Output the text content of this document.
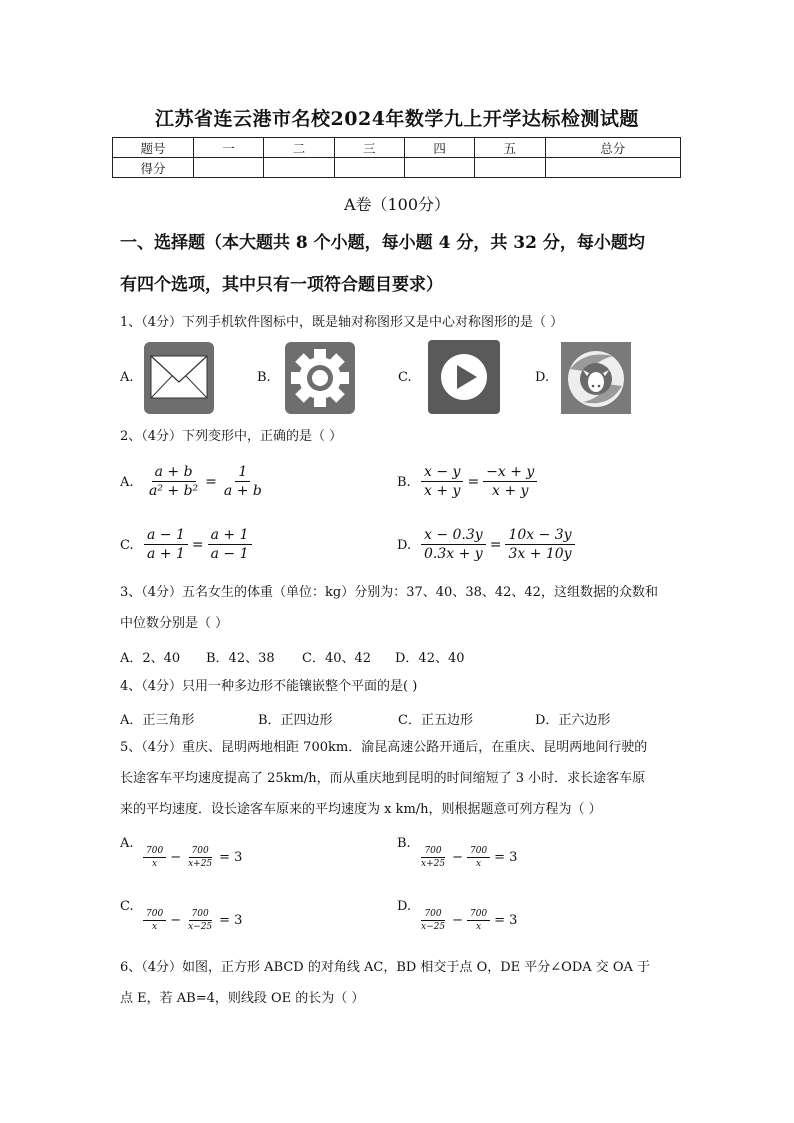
江苏省连云港市名校2024年数学九上开学达标检测试题
题号	一	二	三	四	五	总分
得分						
A卷（100分）
一、选择题（本大题共 8 个小题，每小题 4 分，共 32 分，每小题均
有四个选项，其中只有一项符合题目要求）
1、（4分）下列手机软件图标中，既是轴对称图形又是中心对称图形的是（ ）
A.	B.	C.	D.
2、（4分）下列变形中，正确的是（ ）
A. $\frac{a + b}{\text{a² + b²}} = \frac{1}{a + b}$	B. $\frac{x - y}{x + y} = \frac{-x + y}{x + y}$
C. $\frac{a - 1}{a + 1} = \frac{a + 1}{a - 1}$	D. $\frac{x - 0.3y}{0.3x + y} = \frac{10x - 3y}{3x + 10y}$
3、（4分）五名女生的体重（单位：kg）分别为：37、40、38、42、42，这组数据的众数和
中位数分别是（ ）
A．2、40 B．42、38 C．40、42 D．42、40
4、（4分）只用一种多边形不能镶嵌整个平面的是( )
A．正三角形	B．正四边形	C．正五边形	D．正六边形
5、（4分）重庆、昆明两地相距 700km．渝昆高速公路开通后，在重庆、昆明两地间行驶的
长途客车平均速度提高了 25km/h，而从重庆地到昆明的时间缩短了 3 小时．求长途客车原
来的平均速度．设长途客车原来的平均速度为 x km/h，则根据题意可列方程为（ ）
A.
$\frac{700}{x} - \frac{700}{x+25} = 3$
B.
$\frac{700}{x+25} - \frac{700}{x} = 3$
C.
$\frac{700}{x} - \frac{700}{x-25} = 3$
D.
$\frac{700}{x-25} - \frac{700}{x} = 3$
6、（4分）如图，正方形 ABCD 的对角线 AC，BD 相交于点 O，DE 平分∠ODA 交 OA 于
点 E，若 AB=4，则线段 OE 的长为（ ）
